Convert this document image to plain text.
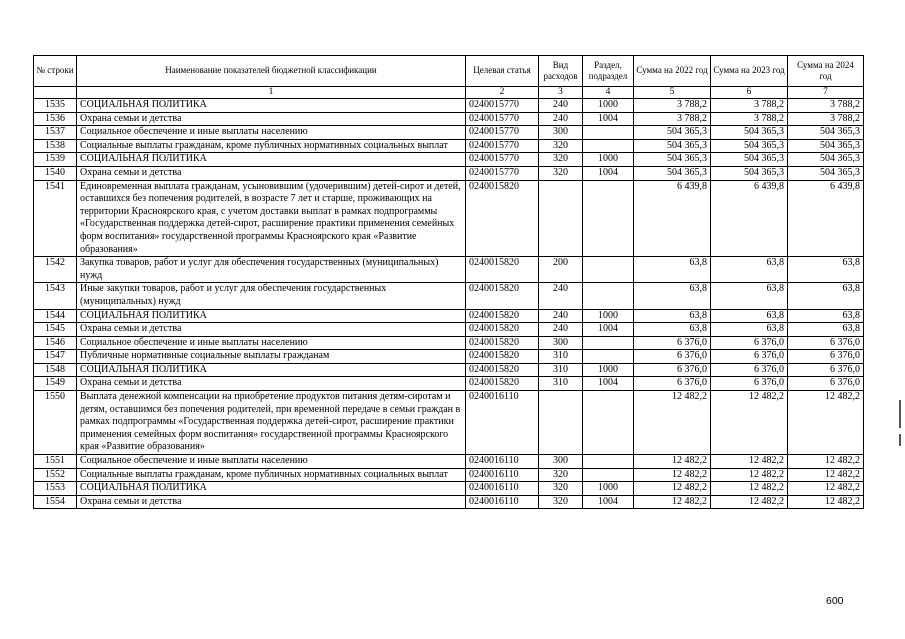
№ строки	Наименование показателей бюджетной классификации	Целевая статья	Вид расходов	Раздел, подраздел	Сумма на 2022 год	Сумма на 2023 год	Сумма на 2024 год
	1	2	3	4	5	6	7
1535	СОЦИАЛЬНАЯ ПОЛИТИКА	0240015770	240	1000	3 788,2	3 788,2	3 788,2
1536	Охрана семьи и детства	0240015770	240	1004	3 788,2	3 788,2	3 788,2
1537	Социальное обеспечение и иные выплаты населению	0240015770	300		504 365,3	504 365,3	504 365,3
1538	Социальные выплаты гражданам, кроме публичных нормативных социальных выплат	0240015770	320		504 365,3	504 365,3	504 365,3
1539	СОЦИАЛЬНАЯ ПОЛИТИКА	0240015770	320	1000	504 365,3	504 365,3	504 365,3
1540	Охрана семьи и детства	0240015770	320	1004	504 365,3	504 365,3	504 365,3
1541	Единовременная выплата гражданам, усыновившим (удочерившим) детей-сирот и детей, оставшихся без попечения родителей, в возрасте 7 лет и старше, проживающих на территории Красноярского края, с учетом доставки выплат в рамках подпрограммы «Государственная поддержка детей-сирот, расширение практики применения семейных форм воспитания» государственной программы Красноярского края «Развитие образования»	0240015820			6 439,8	6 439,8	6 439,8
1542	Закупка товаров, работ и услуг для обеспечения государственных (муниципальных) нужд	0240015820	200		63,8	63,8	63,8
1543	Иные закупки товаров, работ и услуг для обеспечения государственных (муниципальных) нужд	0240015820	240		63,8	63,8	63,8
1544	СОЦИАЛЬНАЯ ПОЛИТИКА	0240015820	240	1000	63,8	63,8	63,8
1545	Охрана семьи и детства	0240015820	240	1004	63,8	63,8	63,8
1546	Социальное обеспечение и иные выплаты населению	0240015820	300		6 376,0	6 376,0	6 376,0
1547	Публичные нормативные социальные выплаты гражданам	0240015820	310		6 376,0	6 376,0	6 376,0
1548	СОЦИАЛЬНАЯ ПОЛИТИКА	0240015820	310	1000	6 376,0	6 376,0	6 376,0
1549	Охрана семьи и детства	0240015820	310	1004	6 376,0	6 376,0	6 376,0
1550	Выплата денежной компенсации на приобретение продуктов питания детям-сиротам и детям, оставшимся без попечения родителей, при временной передаче в семьи граждан в рамках подпрограммы «Государственная поддержка детей-сирот, расширение практики применения семейных форм воспитания» государственной программы Красноярского края «Развитие образования»	0240016110			12 482,2	12 482,2	12 482,2
1551	Социальное обеспечение и иные выплаты населению	0240016110	300		12 482,2	12 482,2	12 482,2
1552	Социальные выплаты гражданам, кроме публичных нормативных социальных выплат	0240016110	320		12 482,2	12 482,2	12 482,2
1553	СОЦИАЛЬНАЯ ПОЛИТИКА	0240016110	320	1000	12 482,2	12 482,2	12 482,2
1554	Охрана семьи и детства	0240016110	320	1004	12 482,2	12 482,2	12 482,2
600
